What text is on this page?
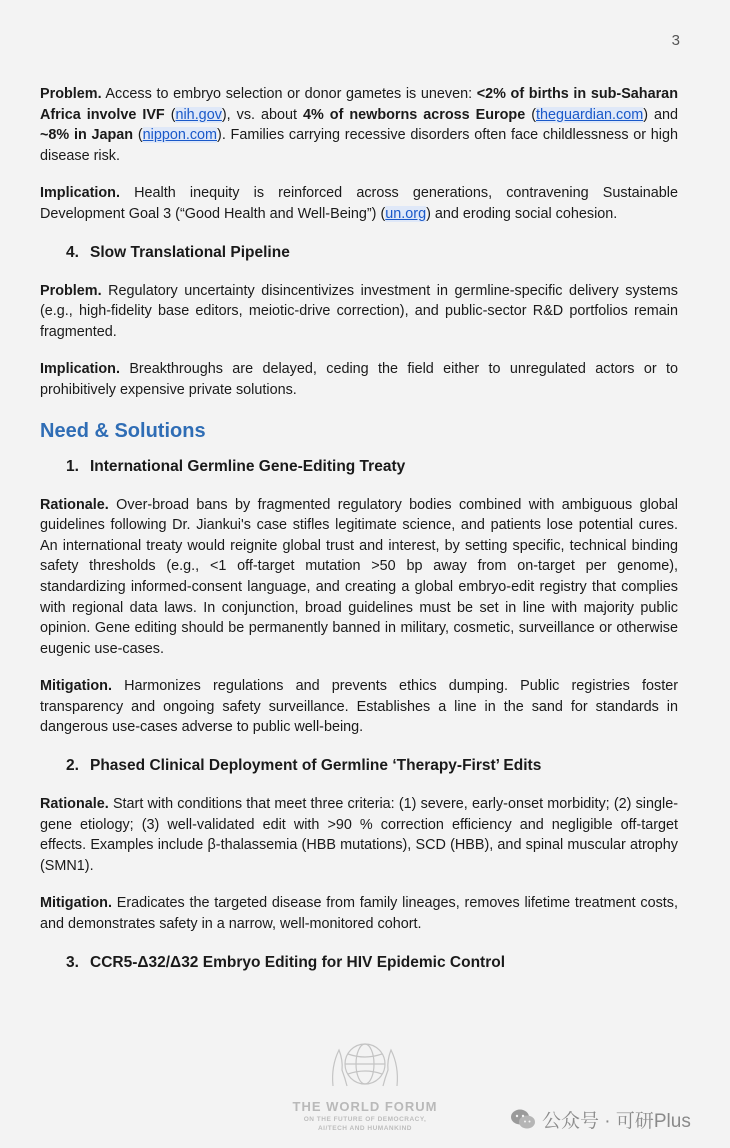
3

Problem. Access to embryo selection or donor gametes is uneven: <2% of births in sub-Saharan Africa involve IVF (nih.gov), vs. about 4% of newborns across Europe (theguardian.com) and ~8% in Japan (nippon.com). Families carrying recessive disorders often face childlessness or high disease risk.

Implication. Health inequity is reinforced across generations, contravening Sustainable Development Goal 3 (“Good Health and Well‐Being”) (un.org) and eroding social cohesion.

4. Slow Translational Pipeline

Problem. Regulatory uncertainty disincentivizes investment in germline‐specific delivery systems (e.g., high‐fidelity base editors, meiotic‐drive correction), and public‐sector R&D portfolios remain fragmented.

Implication. Breakthroughs are delayed, ceding the field either to unregulated actors or to prohibitively expensive private solutions.

Need & Solutions
1. International Germline Gene‐Editing Treaty

Rationale. Over‐broad bans by fragmented regulatory bodies combined with ambiguous global guidelines following Dr. Jiankui's case stifles legitimate science, and patients lose potential cures. An international treaty would reignite global trust and interest, by setting specific, technical binding safety thresholds (e.g., <1 off‐target mutation >50 bp away from on‐target per genome), standardizing informed‐consent language, and creating a global embryo‐edit registry that complies with regional data laws. In conjunction, broad guidelines must be set in line with majority public opinion. Gene editing should be permanently banned in military, cosmetic, surveillance or otherwise eugenic use‐cases.

Mitigation. Harmonizes regulations and prevents ethics dumping. Public registries foster transparency and ongoing safety surveillance. Establishes a line in the sand for standards in dangerous use‐cases adverse to public well‐being.

2. Phased Clinical Deployment of Germline ‘Therapy‐First’ Edits

Rationale. Start with conditions that meet three criteria: (1) severe, early‐onset morbidity; (2) single‐gene etiology; (3) well‐validated edit with >90 % correction efficiency and negligible off‐target effects. Examples include β‐thalassemia (HBB mutations), SCD (HBB), and spinal muscular atrophy (SMN1).

Mitigation. Eradicates the targeted disease from family lineages, removes lifetime treatment costs, and demonstrates safety in a narrow, well‐monitored cohort.

3. CCR5‐Δ32/Δ32 Embryo Editing for HIV Epidemic Control
THE WORLD FORUM
ON THE FUTURE OF DEMOCRACY,
AI/TECH AND HUMANKIND	公众号 · 可研Plus
